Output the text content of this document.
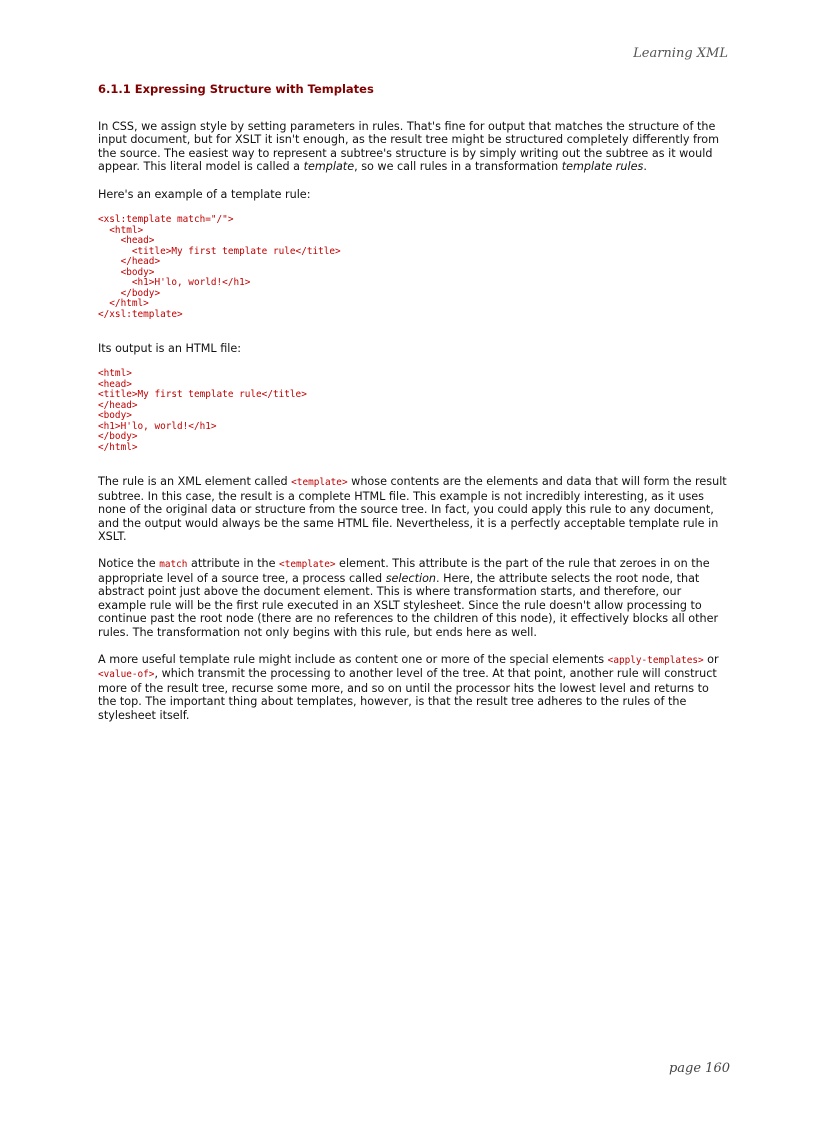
Learning XML
6.1.1 Expressing Structure with Templates

In CSS, we assign style by setting parameters in rules. That's fine for output that matches the structure of the input document, but for XSLT it isn't enough, as the result tree might be structured completely differently from the source. The easiest way to represent a subtree's structure is by simply writing out the subtree as it would appear. This literal model is called a template, so we call rules in a transformation template rules.

Here's an example of a template rule:

<xsl:template match="/">
<html>
<head>
<title>My first template rule</title>
</head>
<body>
<h1>H'lo, world!</h1>
</body>
</html>
</xsl:template>

Its output is an HTML file:

<html>
<head>
<title>My first template rule</title>
</head>
<body>
<h1>H'lo, world!</h1>
</body>
</html>

The rule is an XML element called <template> whose contents are the elements and data that will form the result subtree. In this case, the result is a complete HTML file. This example is not incredibly interesting, as it uses none of the original data or structure from the source tree. In fact, you could apply this rule to any document, and the output would always be the same HTML file. Nevertheless, it is a perfectly acceptable template rule in XSLT.

Notice the match attribute in the <template> element. This attribute is the part of the rule that zeroes in on the appropriate level of a source tree, a process called selection. Here, the attribute selects the root node, that abstract point just above the document element. This is where transformation starts, and therefore, our example rule will be the first rule executed in an XSLT stylesheet. Since the rule doesn't allow processing to continue past the root node (there are no references to the children of this node), it effectively blocks all other rules. The transformation not only begins with this rule, but ends here as well.

A more useful template rule might include as content one or more of the special elements <apply-templates> or <value-of>, which transmit the processing to another level of the tree. At that point, another rule will construct more of the result tree, recurse some more, and so on until the processor hits the lowest level and returns to the top. The important thing about templates, however, is that the result tree adheres to the rules of the stylesheet itself.

page 160
